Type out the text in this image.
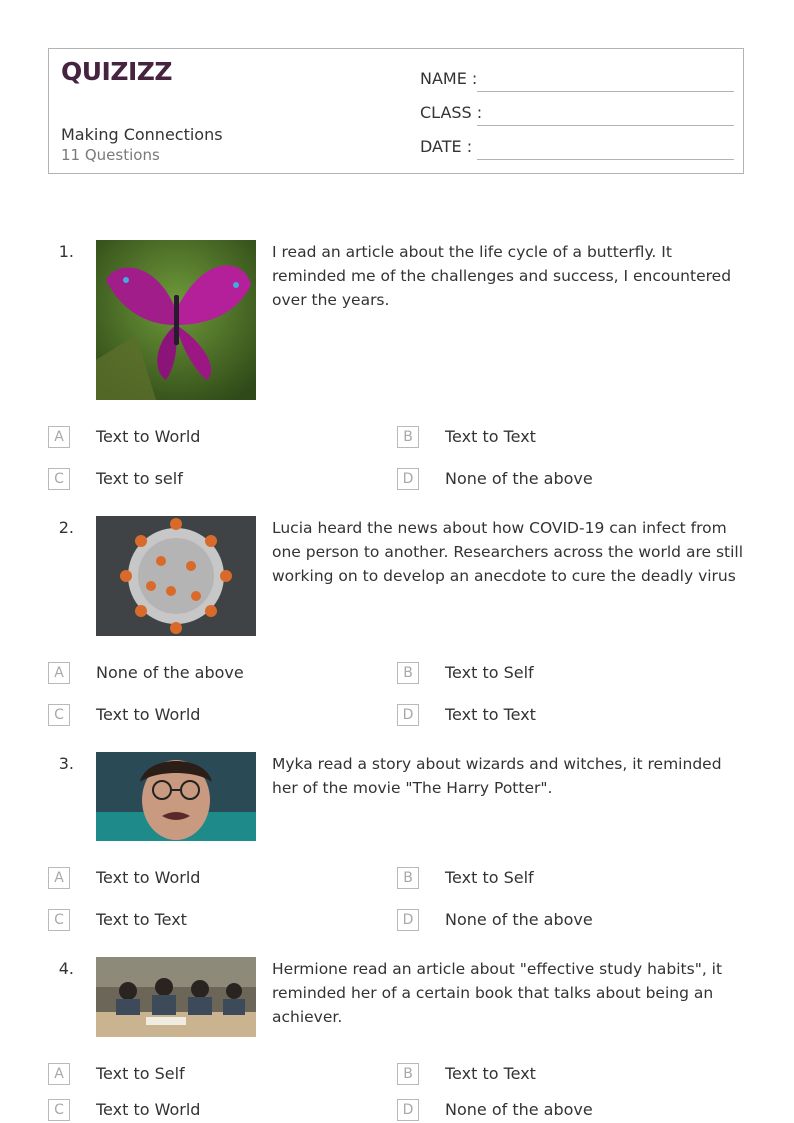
QUIZIZZ
Making Connections
11 Questions
NAME :
CLASS :
DATE :
1.	I read an article about the life cycle of a butterfly. It reminded me of the challenges and success, I encountered over the years.
A	Text to World	B	Text to Text
C	Text to self	D	None of the above
2.	Lucia heard the news about how COVID-19 can infect from one person to another. Researchers across the world are still working on to develop an anecdote to cure the deadly virus
A	None of the above	B	Text to Self
C	Text to World	D	Text to Text
3.	Myka read a story about wizards and witches, it reminded her of the movie "The Harry Potter".
A	Text to World	B	Text to Self
C	Text to Text	D	None of the above
4.	Hermione read an article about "effective study habits", it reminded her of a certain book that talks about being an achiever.
A	Text to Self	B	Text to Text
C	Text to World	D	None of the above
